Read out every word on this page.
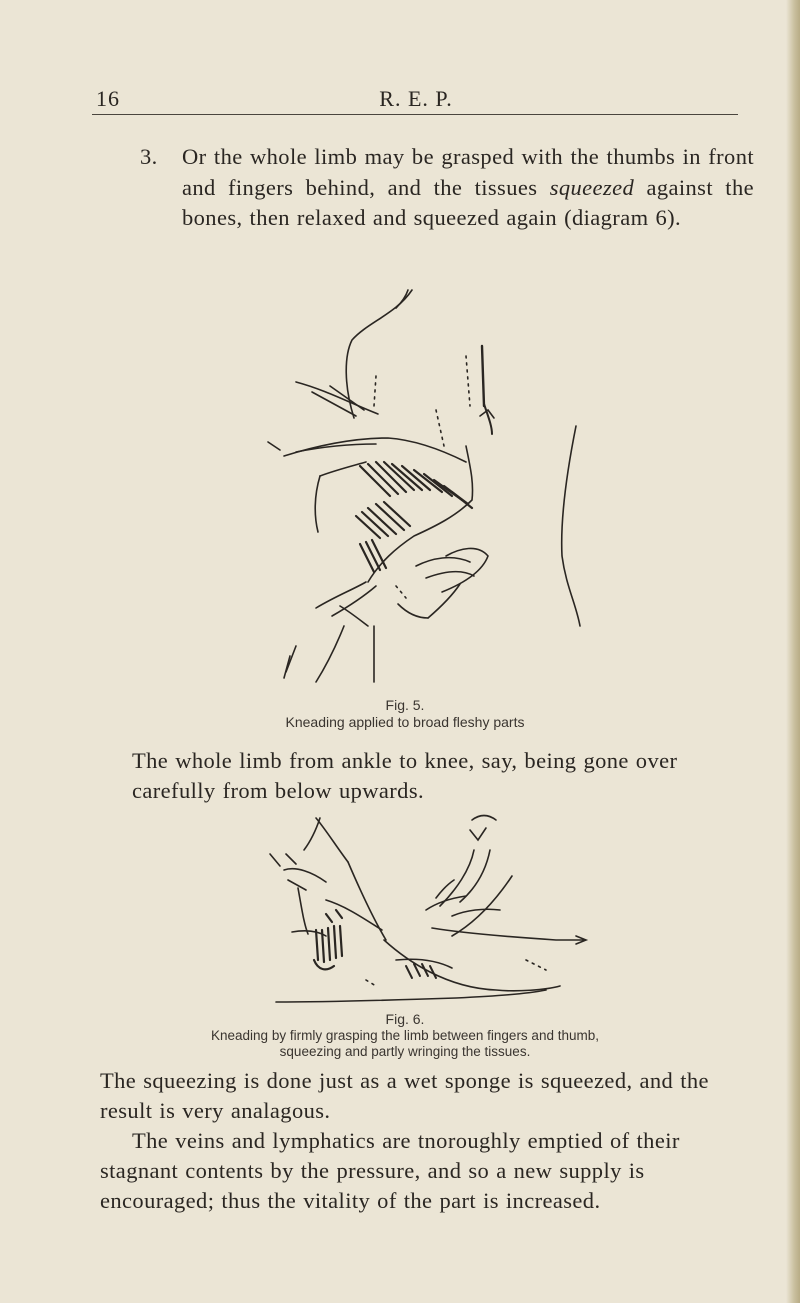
16	R. E. P.
3. Or the whole limb may be grasped with the thumbs in front and fingers behind, and the tissues squeezed against the bones, then relaxed and squeezed again (diagram 6).
Fig. 5.
Kneading applied to broad fleshy parts
The whole limb from ankle to knee, say, being gone over carefully from below upwards.
Fig. 6.
Kneading by firmly grasping the limb between fingers and thumb,
squeezing and partly wringing the tissues.
The squeezing is done just as a wet sponge is squeezed, and the result is very analagous.
The veins and lymphatics are tnoroughly emptied of their stagnant contents by the pressure, and so a new supply is encouraged; thus the vitality of the part is increased.
